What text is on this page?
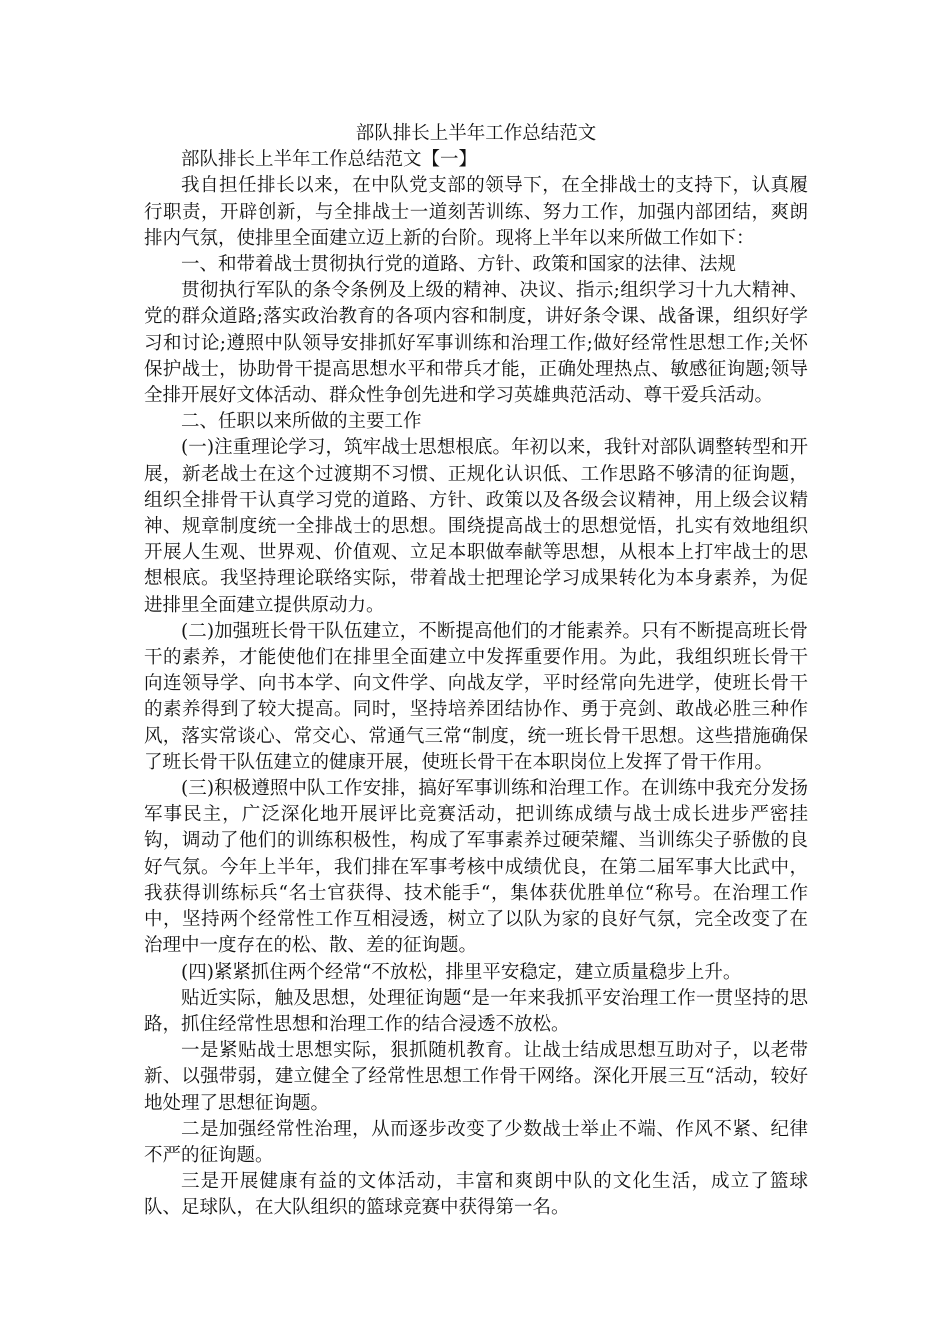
部队排长上半年工作总结范文

部队排长上半年工作总结范文【一】

我自担任排长以来，在中队党支部的领导下，在全排战士的支持下，认真履行职责，开辟创新，与全排战士一道刻苦训练、努力工作，加强内部团结，爽朗排内气氛，使排里全面建立迈上新的台阶。现将上半年以来所做工作如下：

一、和带着战士贯彻执行党的道路、方针、政策和国家的法律、法规

贯彻执行军队的条令条例及上级的精神、决议、指示;组织学习十九大精神、党的群众道路;落实政治教育的各项内容和制度，讲好条令课、战备课，组织好学习和讨论;遵照中队领导安排抓好军事训练和治理工作;做好经常性思想工作;关怀保护战士，协助骨干提高思想水平和带兵才能，正确处理热点、敏感征询题;领导全排开展好文体活动、群众性争创先进和学习英雄典范活动、尊干爱兵活动。

二、任职以来所做的主要工作

(一)注重理论学习，筑牢战士思想根底。年初以来，我针对部队调整转型和开展，新老战士在这个过渡期不习惯、正规化认识低、工作思路不够清的征询题，组织全排骨干认真学习党的道路、方针、政策以及各级会议精神，用上级会议精神、规章制度统一全排战士的思想。围绕提高战士的思想觉悟，扎实有效地组织开展人生观、世界观、价值观、立足本职做奉献等思想，从根本上打牢战士的思想根底。我坚持理论联络实际，带着战士把理论学习成果转化为本身素养，为促进排里全面建立提供原动力。

(二)加强班长骨干队伍建立，不断提高他们的才能素养。只有不断提高班长骨干的素养，才能使他们在排里全面建立中发挥重要作用。为此，我组织班长骨干向连领导学、向书本学、向文件学、向战友学，平时经常向先进学，使班长骨干的素养得到了较大提高。同时，坚持培养团结协作、勇于亮剑、敢战必胜三种作风，落实常谈心、常交心、常通气三常“制度，统一班长骨干思想。这些措施确保了班长骨干队伍建立的健康开展，使班长骨干在本职岗位上发挥了骨干作用。

(三)积极遵照中队工作安排，搞好军事训练和治理工作。在训练中我充分发扬军事民主，广泛深化地开展评比竞赛活动，把训练成绩与战士成长进步严密挂钩，调动了他们的训练积极性，构成了军事素养过硬荣耀、当训练尖子骄傲的良好气氛。今年上半年，我们排在军事考核中成绩优良，在第二届军事大比武中，我获得训练标兵“名士官获得、技术能手“，集体获优胜单位“称号。在治理工作中，坚持两个经常性工作互相浸透，树立了以队为家的良好气氛，完全改变了在治理中一度存在的松、散、差的征询题。

(四)紧紧抓住两个经常“不放松，排里平安稳定，建立质量稳步上升。

贴近实际，触及思想，处理征询题“是一年来我抓平安治理工作一贯坚持的思路，抓住经常性思想和治理工作的结合浸透不放松。

一是紧贴战士思想实际，狠抓随机教育。让战士结成思想互助对子，以老带新、以强带弱，建立健全了经常性思想工作骨干网络。深化开展三互“活动，较好地处理了思想征询题。

二是加强经常性治理，从而逐步改变了少数战士举止不端、作风不紧、纪律不严的征询题。

三是开展健康有益的文体活动，丰富和爽朗中队的文化生活，成立了篮球队、足球队，在大队组织的篮球竞赛中获得第一名。
